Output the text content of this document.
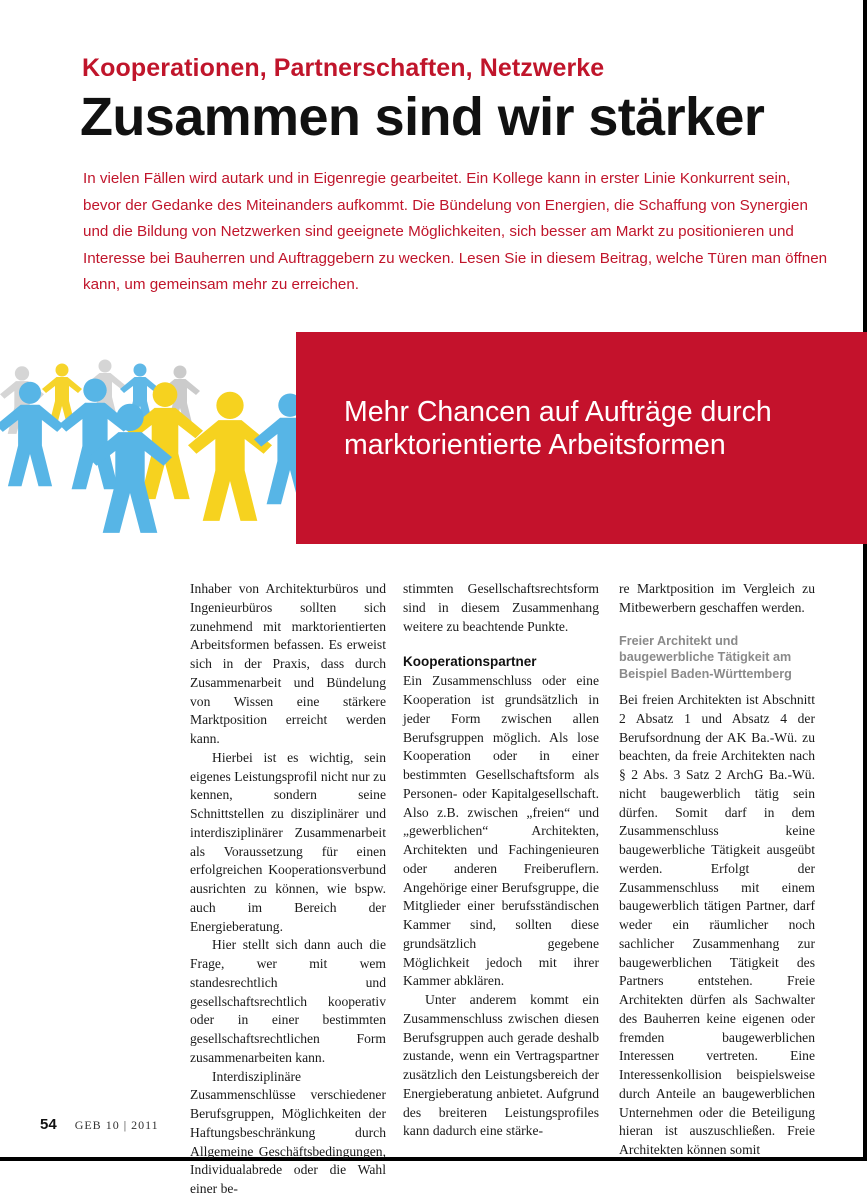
Kooperationen, Partnerschaften, Netzwerke
Zusammen sind wir stärker
In vielen Fällen wird autark und in Eigenregie gearbeitet. Ein Kollege kann in erster Linie Konkurrent sein, bevor der Gedanke des Miteinanders aufkommt. Die Bündelung von Energien, die Schaffung von Synergien und die Bildung von Netzwerken sind geeignete Möglichkeiten, sich besser am Markt zu positionieren und Interesse bei Bauherren und Auftraggebern zu wecken. Lesen Sie in diesem Beitrag, welche Türen man öffnen kann, um gemeinsam mehr zu erreichen.
Mehr Chancen auf Aufträge durch marktorientierte Arbeitsformen

Inhaber von Architekturbüros und Ingenieurbüros sollten sich zunehmend mit marktorientierten Arbeitsformen befassen. Es erweist sich in der Praxis, dass durch Zusammenarbeit und Bündelung von Wissen eine stärkere Marktposition erreicht werden kann.

Hierbei ist es wichtig, sein eigenes Leistungsprofil nicht nur zu kennen, sondern seine Schnittstellen zu disziplinärer und interdisziplinärer Zusammenarbeit als Voraussetzung für einen erfolgreichen Kooperationsverbund ausrichten zu können, wie bspw. auch im Bereich der Energieberatung.

Hier stellt sich dann auch die Frage, wer mit wem standesrechtlich und gesellschaftsrechtlich kooperativ oder in einer bestimmten gesellschaftsrechtlichen Form zusammenarbeiten kann.

Interdisziplinäre Zusammenschlüsse verschiedener Berufsgruppen, Möglichkeiten der Haftungsbeschränkung durch Allgemeine Geschäftsbedingungen, Individualabrede oder die Wahl einer be-

stimmten Gesellschaftsrechtsform sind in diesem Zusammenhang weitere zu beachtende Punkte.

Kooperationspartner

Ein Zusammenschluss oder eine Kooperation ist grundsätzlich in jeder Form zwischen allen Berufsgruppen möglich. Als lose Kooperation oder in einer bestimmten Gesellschaftsform als Personen- oder Kapitalgesellschaft. Also z.B. zwischen „freien“ und „gewerblichen“ Architekten, Architekten und Fachingenieuren oder anderen Freiberuflern. Angehörige einer Berufsgruppe, die Mitglieder einer berufsständischen Kammer sind, sollten diese grundsätzlich gegebene Möglichkeit jedoch mit ihrer Kammer abklären.

Unter anderem kommt ein Zusammenschluss zwischen diesen Berufsgruppen auch gerade deshalb zustande, wenn ein Vertragspartner zusätzlich den Leistungsbereich der Energieberatung anbietet. Aufgrund des breiteren Leistungsprofiles kann dadurch eine stärke-

re Marktposition im Vergleich zu Mitbewerbern geschaffen werden.

Freier Architekt und baugewerbliche Tätigkeit am Beispiel Baden-Württemberg

Bei freien Architekten ist Abschnitt 2 Absatz 1 und Absatz 4 der Berufsordnung der AK Ba.-Wü. zu beachten, da freie Architekten nach § 2 Abs. 3 Satz 2 ArchG Ba.-Wü. nicht baugewerblich tätig sein dürfen. Somit darf in dem Zusammenschluss keine baugewerbliche Tätigkeit ausgeübt werden. Erfolgt der Zusammenschluss mit einem baugewerblich tätigen Partner, darf weder ein räumlicher noch sachlicher Zusammenhang zur baugewerblichen Tätigkeit des Partners entstehen. Freie Architekten dürfen als Sachwalter des Bauherren keine eigenen oder fremden baugewerblichen Interessen vertreten. Eine Interessenkollision beispielsweise durch Anteile an baugewerblichen Unternehmen oder die Beteiligung hieran ist auszuschließen. Freie Architekten können somit

54 GEB 10 | 2011
